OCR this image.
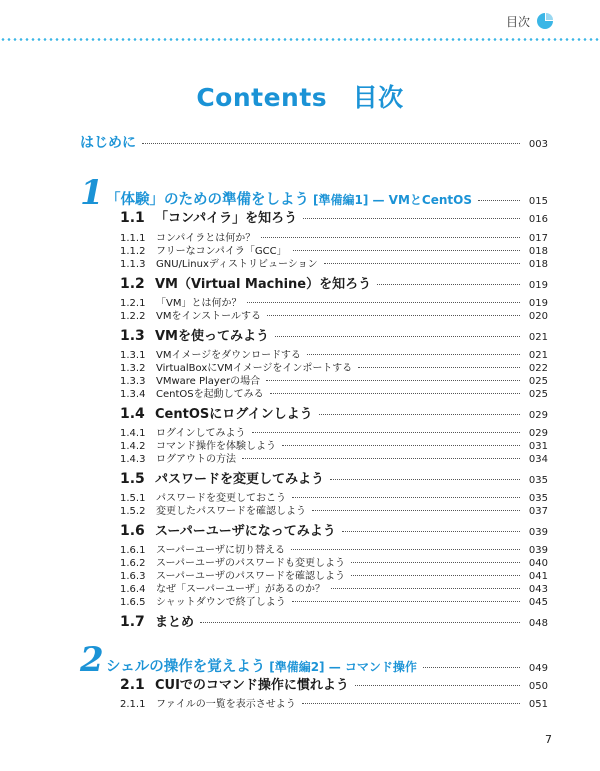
目次
Contents　目次
はじめに	003
1 「体験」のための準備をしよう [準備編1] — VMとCentOS	015
1.1 「コンパイラ」を知ろう	016
1.1.1	コンパイラとは何か？	017
1.1.2	フリーなコンパイラ「GCC」	018
1.1.3	GNU/Linuxディストリビューション	018
1.2 VM（Virtual Machine）を知ろう	019
1.2.1	「VM」とは何か？	019
1.2.2	VMをインストールする	020
1.3 VMを使ってみよう	021
1.3.1	VMイメージをダウンロードする	021
1.3.2	VirtualBoxにVMイメージをインポートする	022
1.3.3	VMware Playerの場合	025
1.3.4	CentOSを起動してみる	025
1.4 CentOSにログインしよう	029
1.4.1	ログインしてみよう	029
1.4.2	コマンド操作を体験しよう	031
1.4.3	ログアウトの方法	034
1.5 パスワードを変更してみよう	035
1.5.1	パスワードを変更しておこう	035
1.5.2	変更したパスワードを確認しよう	037
1.6 スーパーユーザになってみよう	039
1.6.1	スーパーユーザに切り替える	039
1.6.2	スーパーユーザのパスワードも変更しよう	040
1.6.3	スーパーユーザのパスワードを確認しよう	041
1.6.4	なぜ「スーパーユーザ」があるのか？	043
1.6.5	シャットダウンで終了しよう	045
1.7 まとめ	048
2 シェルの操作を覚えよう [準備編2] — コマンド操作	049
2.1 CUIでのコマンド操作に慣れよう	050
2.1.1	ファイルの一覧を表示させよう	051
7
